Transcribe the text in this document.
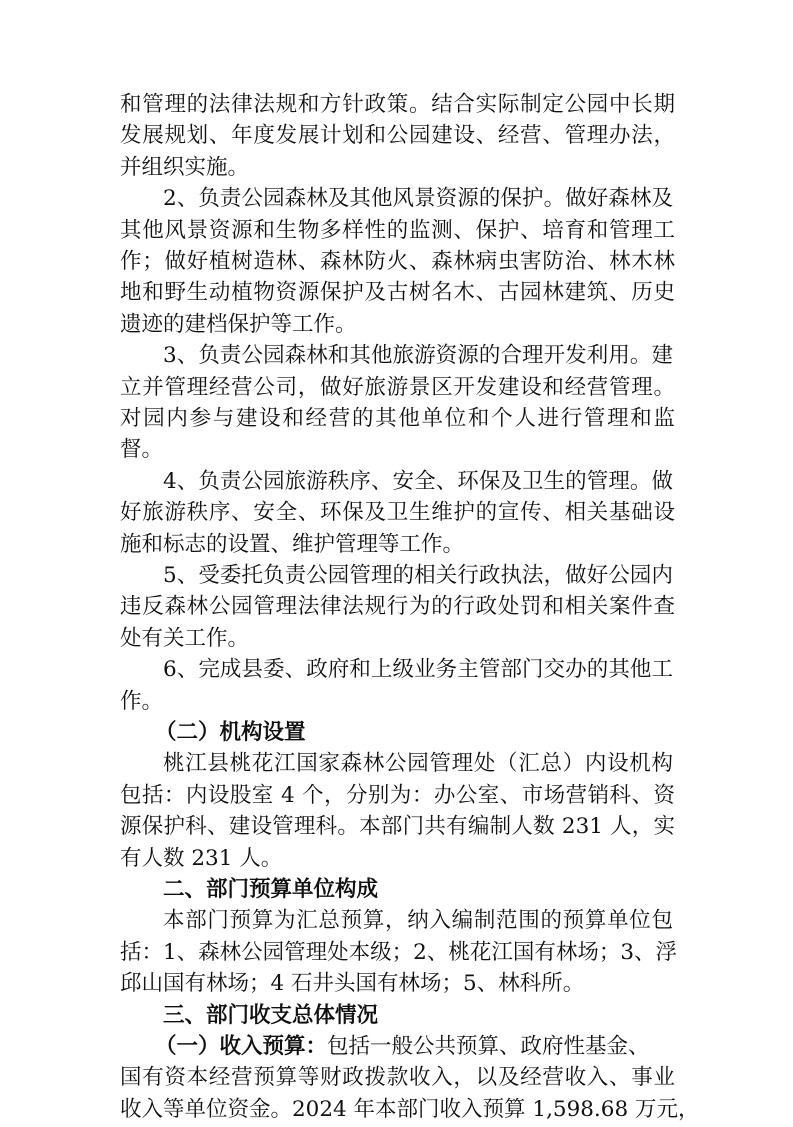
和管理的法律法规和方针政策。结合实际制定公园中长期
发展规划、年度发展计划和公园建设、经营、管理办法，
并组织实施。
2、负责公园森林及其他风景资源的保护。做好森林及
其他风景资源和生物多样性的监测、保护、培育和管理工
作；做好植树造林、森林防火、森林病虫害防治、林木林
地和野生动植物资源保护及古树名木、古园林建筑、历史
遗迹的建档保护等工作。
3、负责公园森林和其他旅游资源的合理开发利用。建
立并管理经营公司，做好旅游景区开发建设和经营管理。
对园内参与建设和经营的其他单位和个人进行管理和监
督。
4、负责公园旅游秩序、安全、环保及卫生的管理。做
好旅游秩序、安全、环保及卫生维护的宣传、相关基础设
施和标志的设置、维护管理等工作。
5、受委托负责公园管理的相关行政执法，做好公园内
违反森林公园管理法律法规行为的行政处罚和相关案件查
处有关工作。
6、完成县委、政府和上级业务主管部门交办的其他工
作。
（二）机构设置
桃江县桃花江国家森林公园管理处（汇总）内设机构
包括：内设股室 4 个，分别为：办公室、市场营销科、资
源保护科、建设管理科。本部门共有编制人数 231 人，实
有人数 231 人。
二、部门预算单位构成
本部门预算为汇总预算，纳入编制范围的预算单位包
括：1、森林公园管理处本级；2、桃花江国有林场；3、浮
邱山国有林场；4 石井头国有林场；5、林科所。
三、部门收支总体情况
（一）收入预算：包括一般公共预算、政府性基金、
国有资本经营预算等财政拨款收入，以及经营收入、事业
收入等单位资金。2024 年本部门收入预算 1,598.68 万元，
